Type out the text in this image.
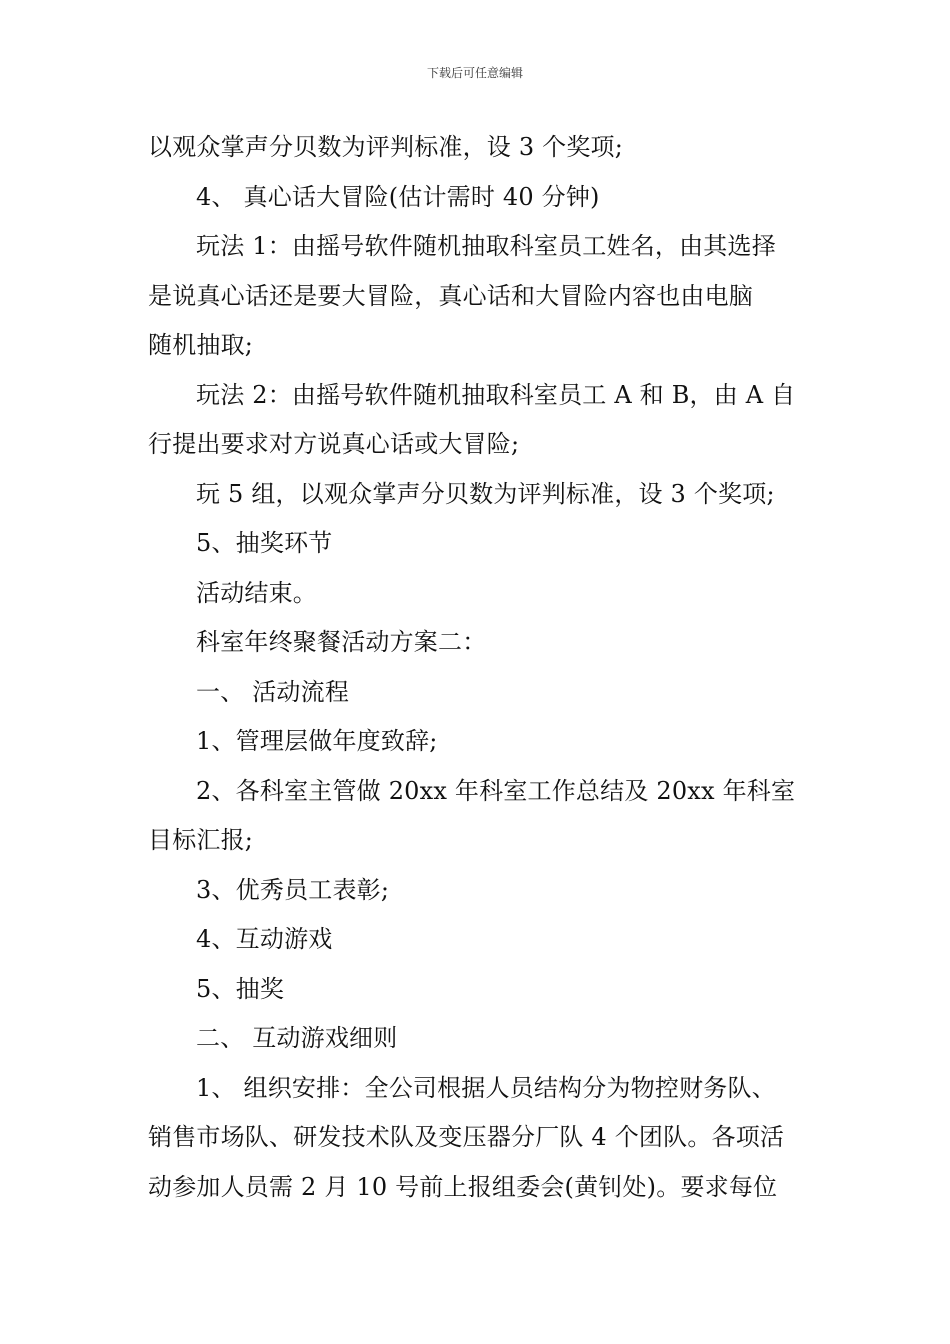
下载后可任意编辑
以观众掌声分贝数为评判标准，设 3 个奖项;
4、 真心话大冒险(估计需时 40 分钟)
玩法 1：由摇号软件随机抽取科室员工姓名，由其选择
是说真心话还是要大冒险，真心话和大冒险内容也由电脑
随机抽取;
玩法 2：由摇号软件随机抽取科室员工 A 和 B，由 A 自
行提出要求对方说真心话或大冒险;
玩 5 组，以观众掌声分贝数为评判标准，设 3 个奖项;
5、抽奖环节
活动结束。
科室年终聚餐活动方案二：
一、 活动流程
1、管理层做年度致辞;
2、各科室主管做 20xx 年科室工作总结及 20xx 年科室
目标汇报;
3、优秀员工表彰;
4、互动游戏
5、抽奖
二、 互动游戏细则
1、 组织安排：全公司根据人员结构分为物控财务队、
销售市场队、研发技术队及变压器分厂队 4 个团队。各项活
动参加人员需 2 月 10 号前上报组委会(黄钊处)。要求每位
